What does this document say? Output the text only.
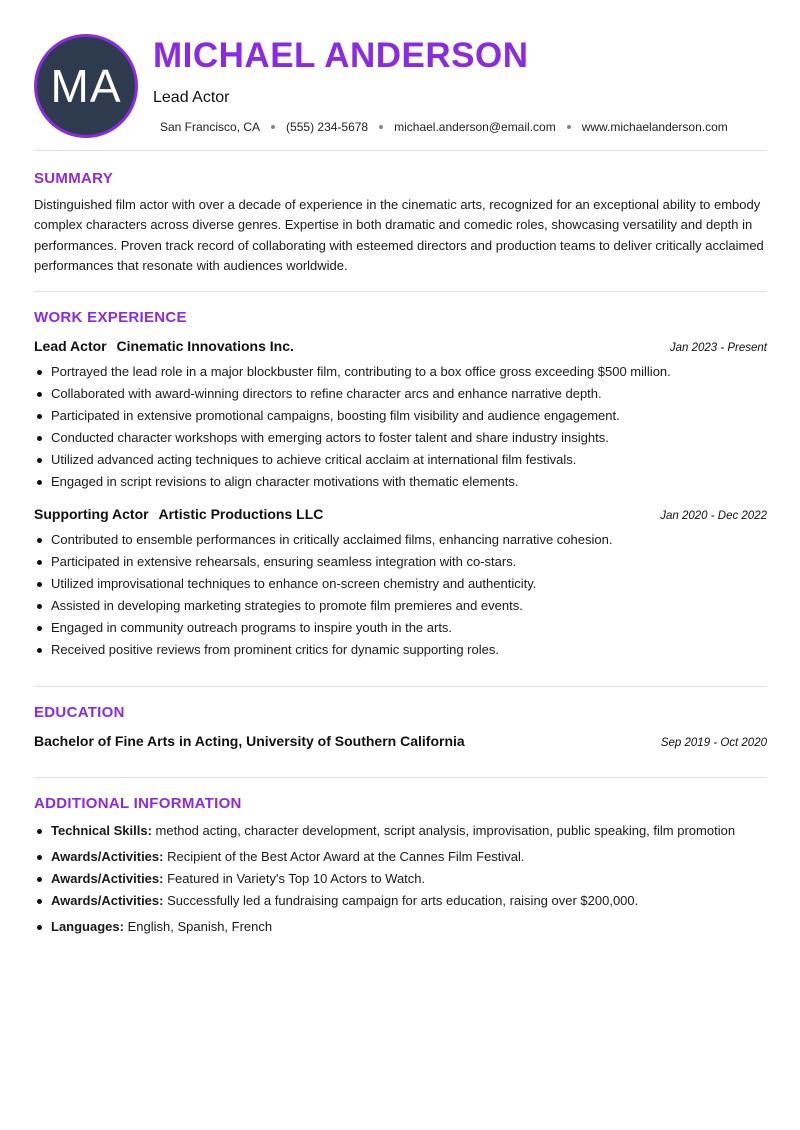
MA
MICHAEL ANDERSON
Lead Actor
San Francisco, CA (555) 234-5678 michael.anderson@email.com www.michaelanderson.com
SUMMARY

Distinguished film actor with over a decade of experience in the cinematic arts, recognized for an exceptional ability to embody complex characters across diverse genres. Expertise in both dramatic and comedic roles, showcasing versatility and depth in performances. Proven track record of collaborating with esteemed directors and production teams to deliver critically acclaimed performances that resonate with audiences worldwide.

WORK EXPERIENCE
Lead Actor Cinematic Innovations Inc.	Jan 2023 - Present
Portrayed the lead role in a major blockbuster film, contributing to a box office gross exceeding $500 million.
Collaborated with award-winning directors to refine character arcs and enhance narrative depth.
Participated in extensive promotional campaigns, boosting film visibility and audience engagement.
Conducted character workshops with emerging actors to foster talent and share industry insights.
Utilized advanced acting techniques to achieve critical acclaim at international film festivals.
Engaged in script revisions to align character motivations with thematic elements.
Supporting Actor Artistic Productions LLC	Jan 2020 - Dec 2022
Contributed to ensemble performances in critically acclaimed films, enhancing narrative cohesion.
Participated in extensive rehearsals, ensuring seamless integration with co-stars.
Utilized improvisational techniques to enhance on-screen chemistry and authenticity.
Assisted in developing marketing strategies to promote film premieres and events.
Engaged in community outreach programs to inspire youth in the arts.
Received positive reviews from prominent critics for dynamic supporting roles.
EDUCATION
Bachelor of Fine Arts in Acting, University of Southern California	Sep 2019 - Oct 2020
ADDITIONAL INFORMATION
Technical Skills: method acting, character development, script analysis, improvisation, public speaking, film promotion
Awards/Activities: Recipient of the Best Actor Award at the Cannes Film Festival.
Awards/Activities: Featured in Variety's Top 10 Actors to Watch.
Awards/Activities: Successfully led a fundraising campaign for arts education, raising over $200,000.
Languages: English, Spanish, French
